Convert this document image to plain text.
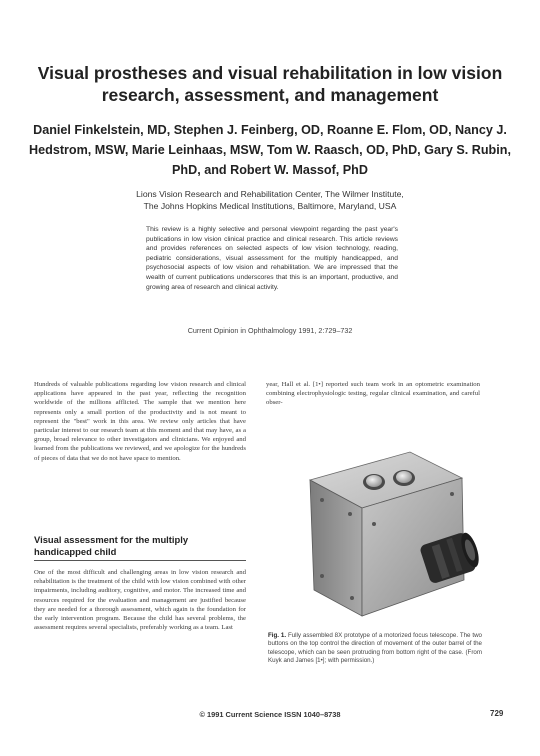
Visual prostheses and visual rehabilitation in low vision research, assessment, and management
Daniel Finkelstein, MD, Stephen J. Feinberg, OD, Roanne E. Flom, OD, Nancy J. Hedstrom, MSW, Marie Leinhaas, MSW, Tom W. Raasch, OD, PhD, Gary S. Rubin, PhD, and Robert W. Massof, PhD
Lions Vision Research and Rehabilitation Center, The Wilmer Institute,
The Johns Hopkins Medical Institutions, Baltimore, Maryland, USA
This review is a highly selective and personal viewpoint regarding the past year's publications in low vision clinical practice and clinical research. This article reviews and provides references on selected aspects of low vision technology, reading, pediatric considerations, visual assessment for the multiply handicapped, and psychosocial aspects of low vision and rehabilitation. We are impressed that the wealth of current publications underscores that this is an important, productive, and growing area of research and clinical activity.
Current Opinion in Ophthalmology 1991, 2:729–732
Hundreds of valuable publications regarding low vision research and clinical applications have appeared in the past year, reflecting the recognition worldwide of the millions afflicted. The sample that we mention here represents only a small portion of the productivity and is not meant to represent the "best" work in this area. We review only articles that have particular interest to our research team at this moment and that may have, as a group, broad relevance to other investigators and clinicians. We enjoyed and learned from the publications we reviewed, and we apologize for the hundreds of pieces of data that we do not have space to mention.
Visual assessment for the multiply handicapped child
One of the most difficult and challenging areas in low vision research and rehabilitation is the treatment of the child with low vision combined with other impairments, including auditory, cognitive, and motor. The increased time and resources required for the evaluation and management are justified because they are needed for a thorough assessment, which again is the foundation for the early intervention program. Because the child has several problems, the assessment requires several specialists, preferably working as a team. Last
year, Hall et al. [1•] reported such team work in an optometric examination combining electrophysiologic testing, regular clinical examination, and careful obser-
Fig. 1. Fully assembled 8X prototype of a motorized focus telescope. The two buttons on the top control the direction of movement of the outer barrel of the telescope, which can be seen protruding from bottom right of the case. (From Kuyk and James [1•]; with permission.)
© 1991 Current Science ISSN 1040–8738	729
